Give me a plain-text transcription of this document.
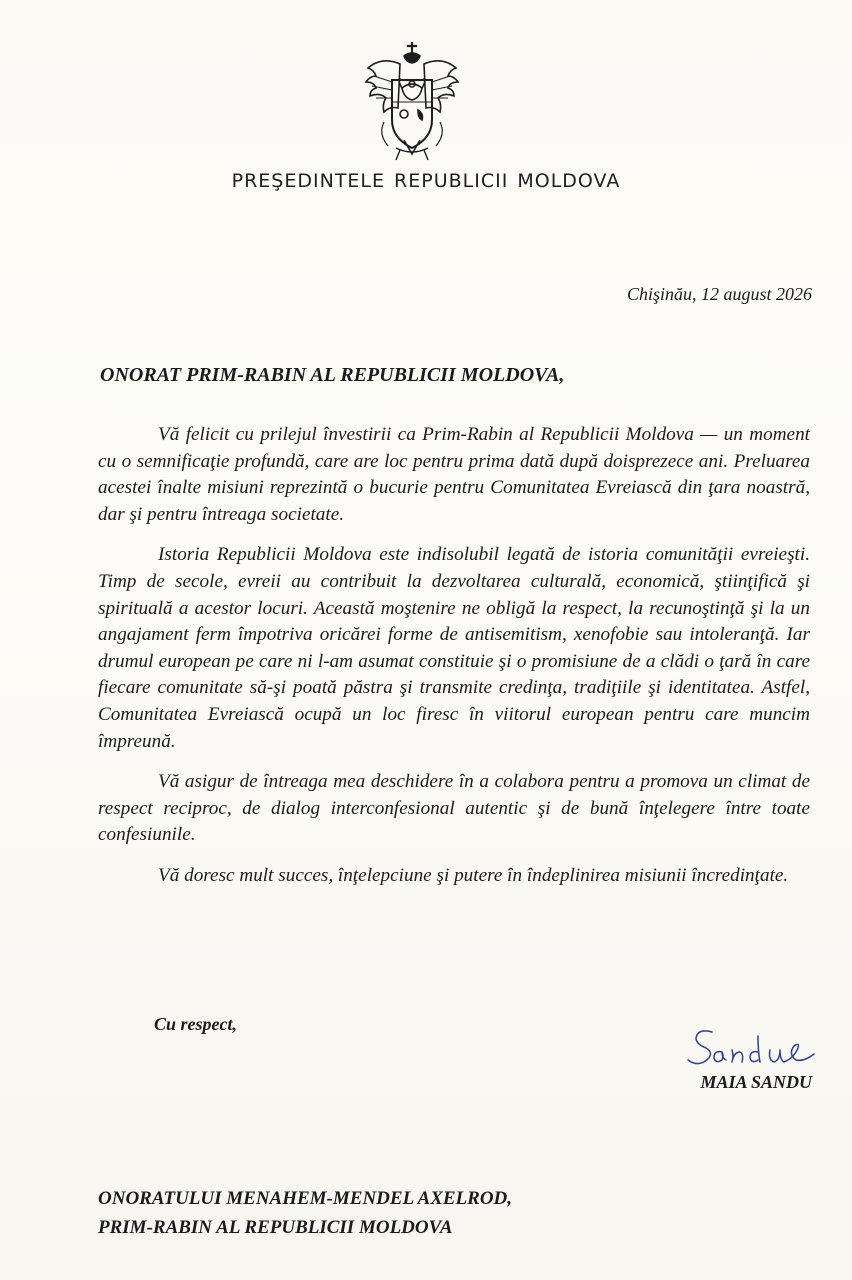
PREŞEDINTELE REPUBLICII MOLDOVA
Chişinău, 12 august 2026
ONORAT PRIM-RABIN AL REPUBLICII MOLDOVA,

Vă felicit cu prilejul învestirii ca Prim-Rabin al Republicii Moldova — un moment cu o semnificaţie profundă, care are loc pentru prima dată după doisprezece ani. Preluarea acestei înalte misiuni reprezintă o bucurie pentru Comunitatea Evreiască din ţara noastră, dar şi pentru întreaga societate.

Istoria Republicii Moldova este indisolubil legată de istoria comunităţii evreieşti. Timp de secole, evreii au contribuit la dezvoltarea culturală, economică, ştiinţifică şi spirituală a acestor locuri. Această moştenire ne obligă la respect, la recunoştinţă şi la un angajament ferm împotriva oricărei forme de antisemitism, xenofobie sau intoleranţă. Iar drumul european pe care ni l-am asumat constituie şi o promisiune de a clădi o ţară în care fiecare comunitate să-şi poată păstra şi transmite credinţa, tradiţiile şi identitatea. Astfel, Comunitatea Evreiască ocupă un loc firesc în viitorul european pentru care muncim împreună.

Vă asigur de întreaga mea deschidere în a colabora pentru a promova un climat de respect reciproc, de dialog interconfesional autentic şi de bună înţelegere între toate confesiunile.

Vă doresc mult succes, înţelepciune şi putere în îndeplinirea misiunii încredinţate.

Cu respect,
MAIA SANDU
ONORATULUI MENAHEM-MENDEL AXELROD,
PRIM-RABIN AL REPUBLICII MOLDOVA
